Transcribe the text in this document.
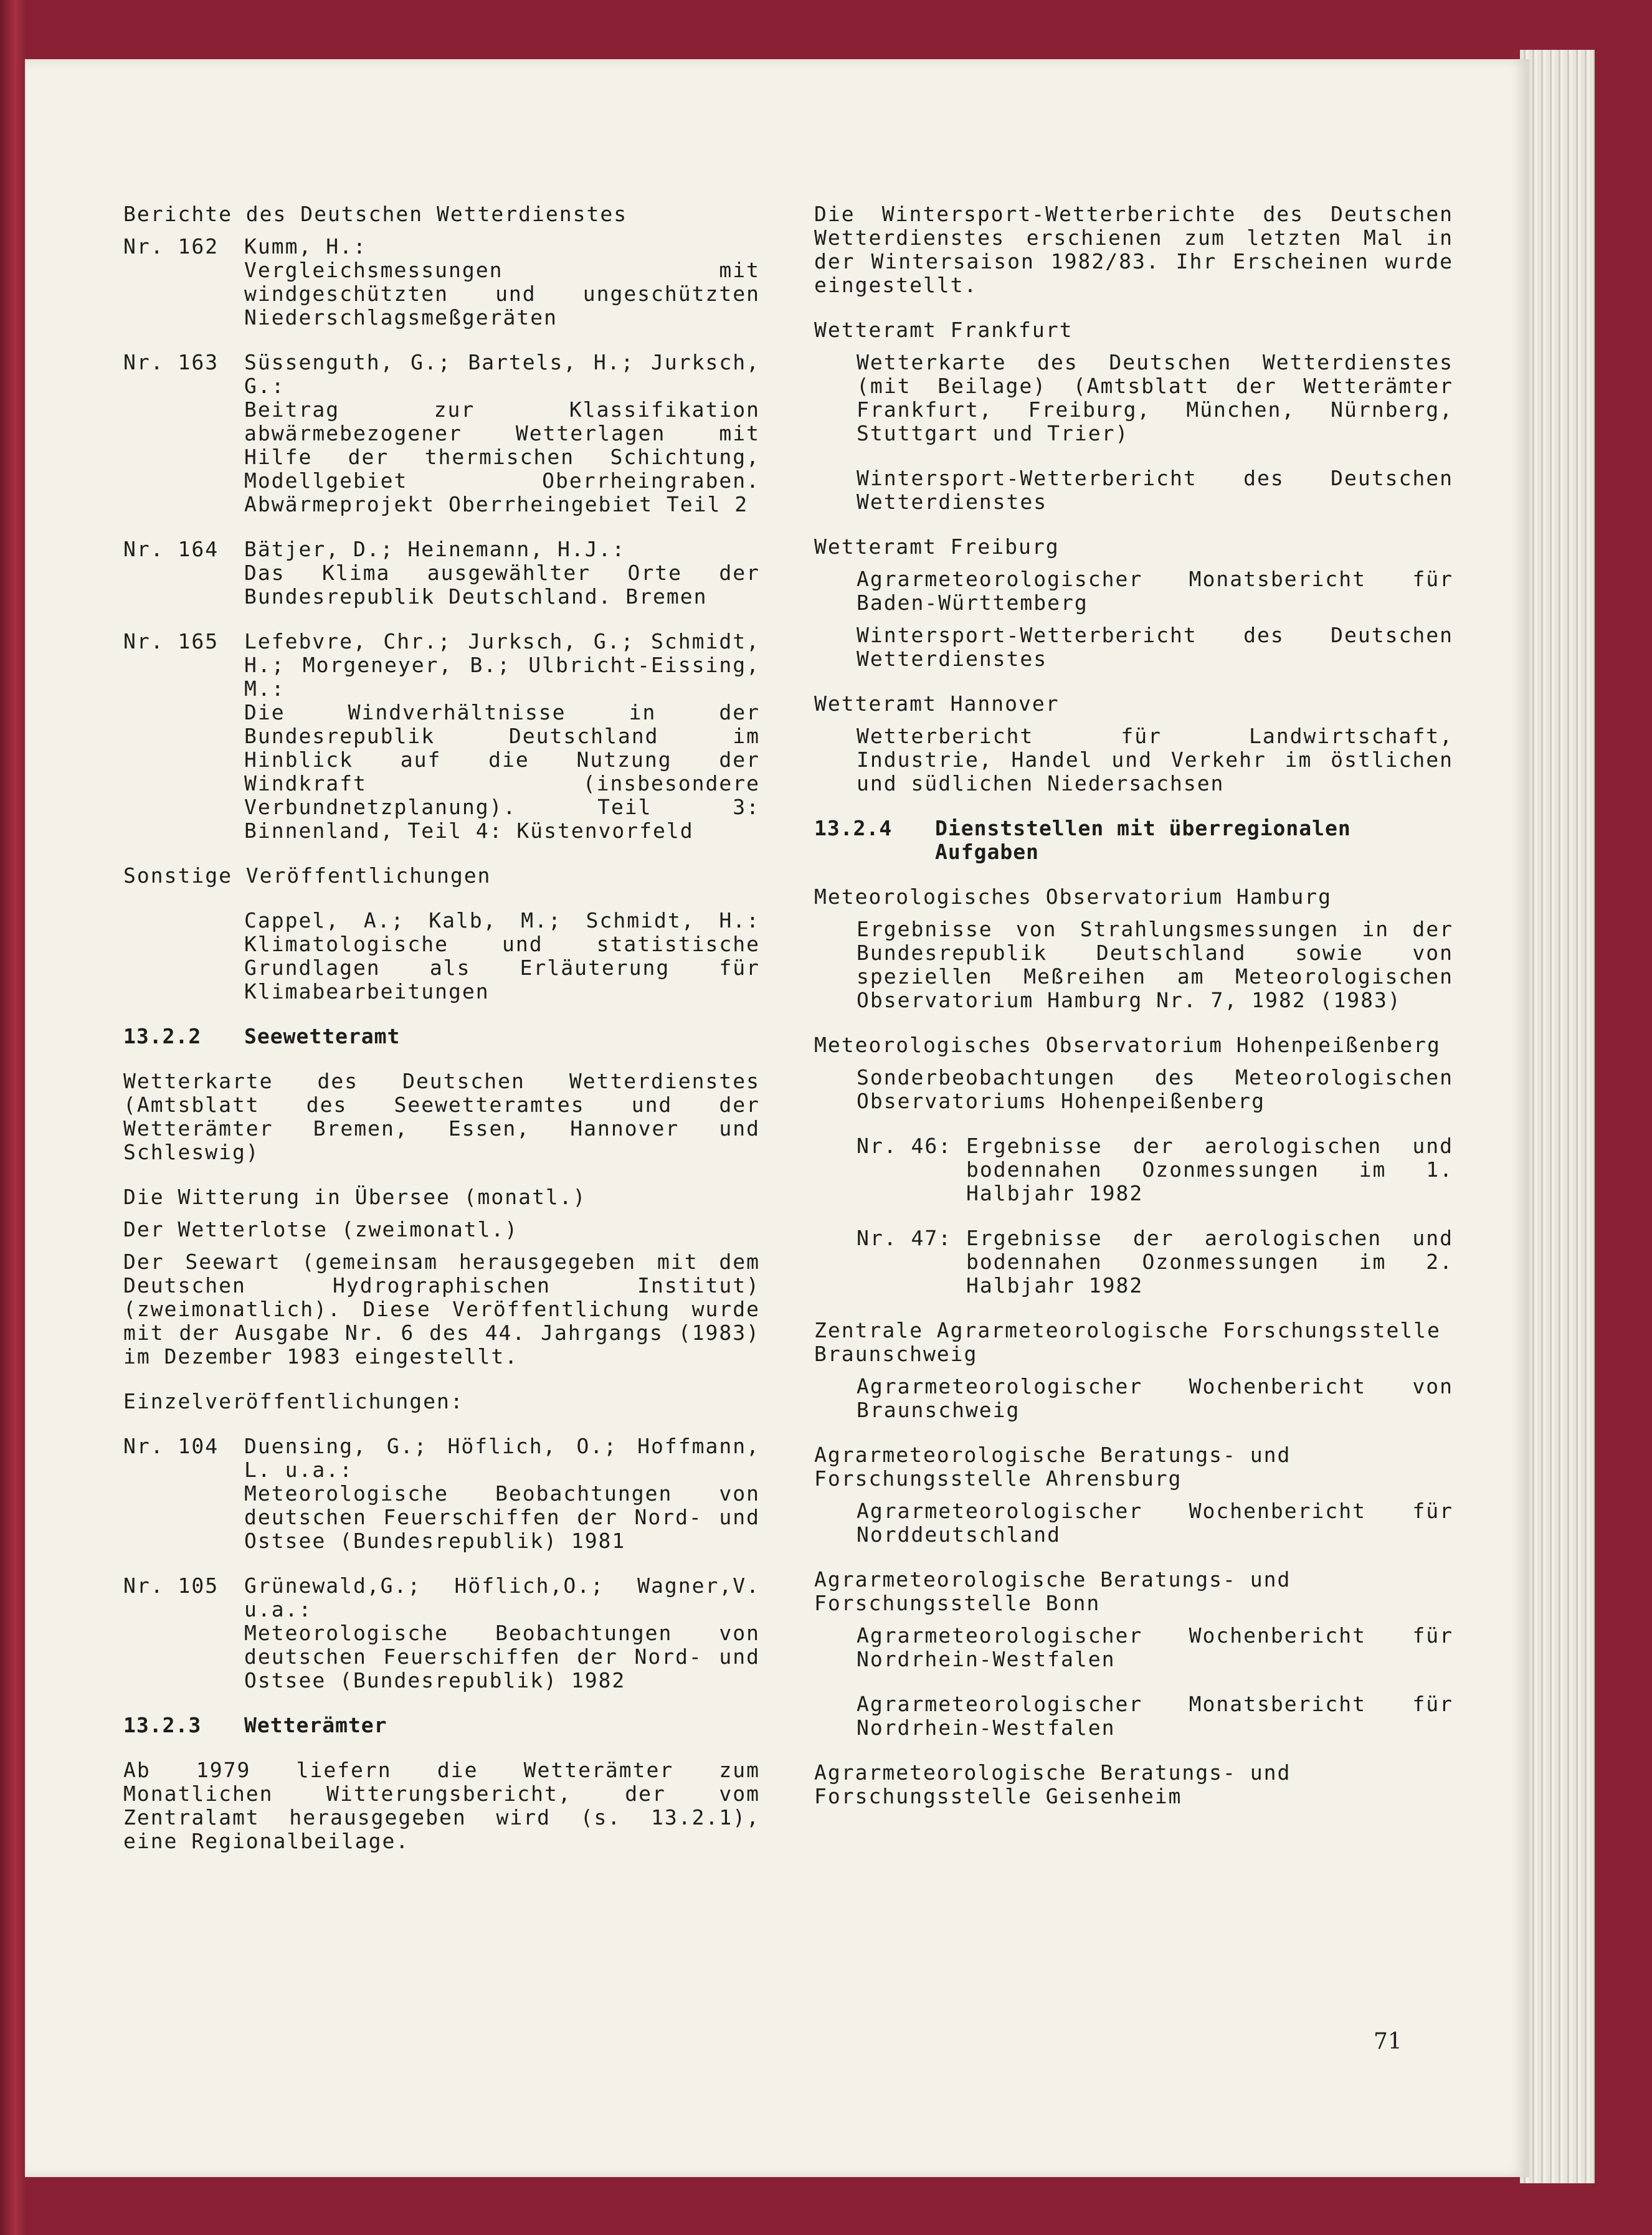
Berichte des Deutschen Wetterdienstes

Nr. 162	Kumm, H.:
Vergleichsmessungen mit windgeschützten und ungeschützten Niederschlagsmeßgeräten
Nr. 163	Süssenguth, G.; Bartels, H.; Jurksch, G.:
Beitrag zur Klassifikation abwärmebezogener Wetterlagen mit Hilfe der thermischen Schichtung, Modellgebiet Oberrheingraben. Abwärmeprojekt Oberrheingebiet Teil 2
Nr. 164	Bätjer, D.; Heinemann, H.J.:
Das Klima ausgewählter Orte der Bundesrepublik Deutschland. Bremen
Nr. 165	Lefebvre, Chr.; Jurksch, G.; Schmidt, H.; Morgeneyer, B.; Ulbricht-Eissing, M.:
Die Windverhältnisse in der Bundesrepublik Deutschland im Hinblick auf die Nutzung der Windkraft (insbesondere Verbundnetzplanung). Teil 3: Binnenland, Teil 4: Küstenvorfeld

Sonstige Veröffentlichungen

Cappel, A.; Kalb, M.; Schmidt, H.: Klimatologische und statistische Grundlagen als Erläuterung für Klimabearbeitungen

13.2.2	Seewetteramt

Wetterkarte des Deutschen Wetterdienstes (Amtsblatt des Seewetteramtes und der Wetterämter Bremen, Essen, Hannover und Schleswig)

Die Witterung in Übersee (monatl.)

Der Wetterlotse (zweimonatl.)

Der Seewart (gemeinsam herausgegeben mit dem Deutschen Hydrographischen Institut) (zweimonatlich). Diese Veröffentlichung wurde mit der Ausgabe Nr. 6 des 44. Jahrgangs (1983) im Dezember 1983 eingestellt.

Einzelveröffentlichungen:

Nr. 104	Duensing, G.; Höflich, O.; Hoffmann, L. u.a.:
Meteorologische Beobachtungen von deutschen Feuerschiffen der Nord- und Ostsee (Bundesrepublik) 1981
Nr. 105	Grünewald,G.; Höflich,O.; Wagner,V. u.a.:
Meteorologische Beobachtungen von deutschen Feuerschiffen der Nord- und Ostsee (Bundesrepublik) 1982
13.2.3	Wetterämter

Ab 1979 liefern die Wetterämter zum Monatlichen Witterungsbericht, der vom Zentralamt herausgegeben wird (s. 13.2.1), eine Regionalbeilage.

Die Wintersport-Wetterberichte des Deutschen Wetterdienstes erschienen zum letzten Mal in der Wintersaison 1982/83. Ihr Erscheinen wurde eingestellt.

Wetteramt Frankfurt

Wetterkarte des Deutschen Wetterdienstes (mit Beilage) (Amtsblatt der Wetterämter Frankfurt, Freiburg, München, Nürnberg, Stuttgart und Trier)

Wintersport-Wetterbericht des Deutschen Wetterdienstes

Wetteramt Freiburg

Agrarmeteorologischer Monatsbericht für Baden-Württemberg

Wintersport-Wetterbericht des Deutschen Wetterdienstes

Wetteramt Hannover

Wetterbericht für Landwirtschaft, Industrie, Handel und Verkehr im östlichen und südlichen Niedersachsen

13.2.4	Dienststellen mit überregionalen Aufgaben

Meteorologisches Observatorium Hamburg

Ergebnisse von Strahlungsmessungen in der Bundesrepublik Deutschland sowie von speziellen Meßreihen am Meteorologischen Observatorium Hamburg Nr. 7, 1982 (1983)

Meteorologisches Observatorium Hohenpeißenberg

Sonderbeobachtungen des Meteorologischen Observatoriums Hohenpeißenberg

Nr. 46: Ergebnisse der aerologischen und bodennahen Ozonmessungen im 1. Halbjahr 1982
Nr. 47: Ergebnisse der aerologischen und bodennahen Ozonmessungen im 2. Halbjahr 1982

Zentrale Agrarmeteorologische Forschungsstelle Braunschweig

Agrarmeteorologischer Wochenbericht von Braunschweig

Agrarmeteorologische Beratungs- und Forschungsstelle Ahrensburg

Agrarmeteorologischer Wochenbericht für Norddeutschland

Agrarmeteorologische Beratungs- und Forschungsstelle Bonn

Agrarmeteorologischer Wochenbericht für Nordrhein-Westfalen

Agrarmeteorologischer Monatsbericht für Nordrhein-Westfalen

Agrarmeteorologische Beratungs- und Forschungsstelle Geisenheim

71
